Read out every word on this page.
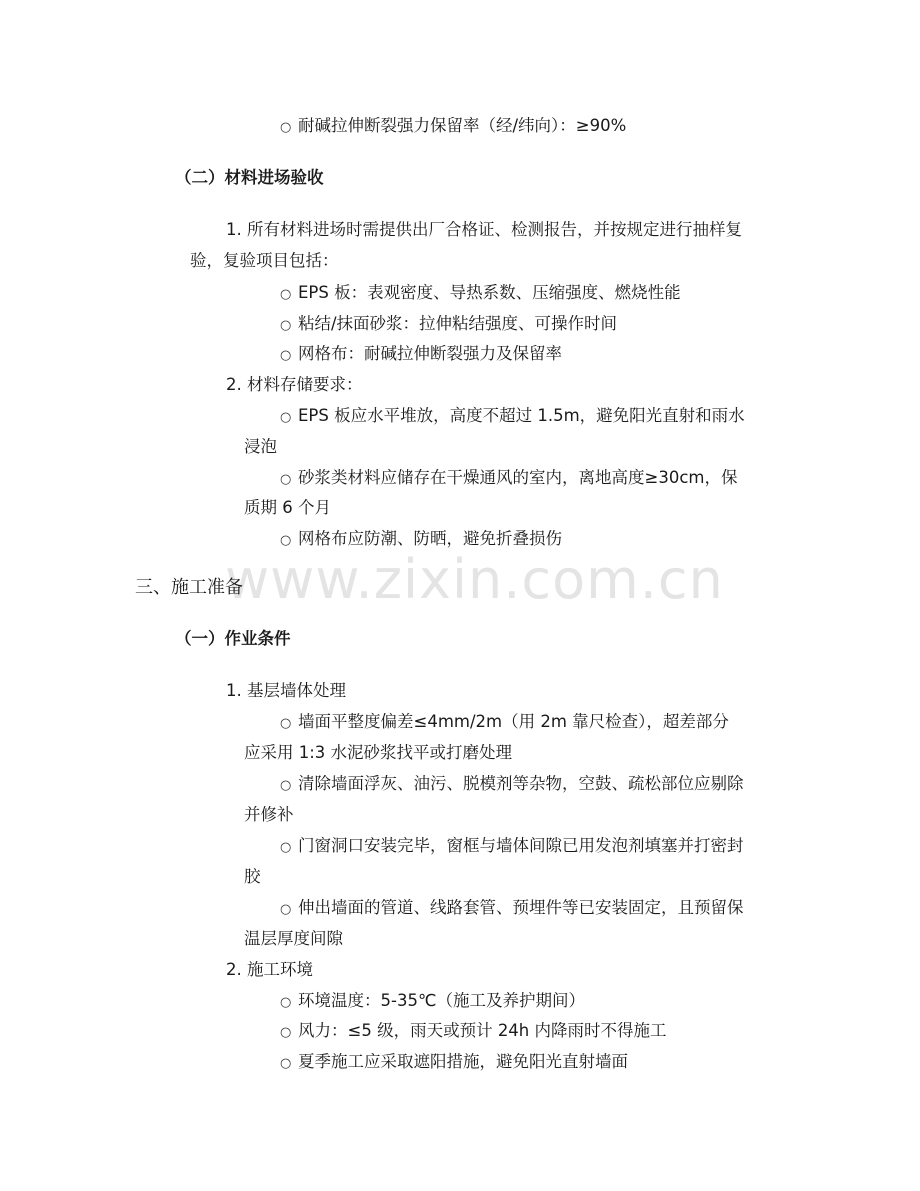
○ 耐碱拉伸断裂强力保留率（经/纬向）：≥90%
（二）材料进场验收
1. 所有材料进场时需提供出厂合格证、检测报告，并按规定进行抽样复
验，复验项目包括：
○ EPS 板：表观密度、导热系数、压缩强度、燃烧性能
○ 粘结/抹面砂浆：拉伸粘结强度、可操作时间
○ 网格布：耐碱拉伸断裂强力及保留率
2. 材料存储要求：
○ EPS 板应水平堆放，高度不超过 1.5m，避免阳光直射和雨水
浸泡
○ 砂浆类材料应储存在干燥通风的室内，离地高度≥30cm，保
质期 6 个月
○ 网格布应防潮、防晒，避免折叠损伤
www.zixin.com.cn
三、施工准备
（一）作业条件
1. 基层墙体处理
○ 墙面平整度偏差≤4mm/2m（用 2m 靠尺检查），超差部分
应采用 1:3 水泥砂浆找平或打磨处理
○ 清除墙面浮灰、油污、脱模剂等杂物，空鼓、疏松部位应剔除
并修补
○ 门窗洞口安装完毕，窗框与墙体间隙已用发泡剂填塞并打密封
胶
○ 伸出墙面的管道、线路套管、预埋件等已安装固定，且预留保
温层厚度间隙
2. 施工环境
○ 环境温度：5-35℃（施工及养护期间）
○ 风力：≤5 级，雨天或预计 24h 内降雨时不得施工
○ 夏季施工应采取遮阳措施，避免阳光直射墙面
